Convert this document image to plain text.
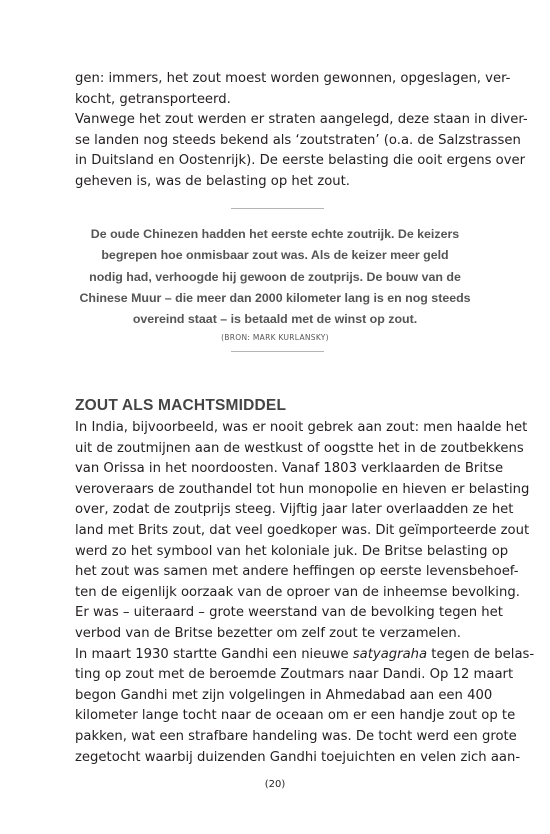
gen: immers, het zout moest worden gewonnen, opgeslagen, ver-
kocht, getransporteerd.
Vanwege het zout werden er straten aangelegd, deze staan in diver-
se landen nog steeds bekend als ‘zoutstraten’ (o.a. de Salzstrassen
in Duitsland en Oostenrijk). De eerste belasting die ooit ergens over
geheven is, was de belasting op het zout.
De oude Chinezen hadden het eerste echte zoutrijk. De keizers
begrepen hoe onmisbaar zout was. Als de keizer meer geld
nodig had, verhoogde hij gewoon de zoutprijs. De bouw van de
Chinese Muur – die meer dan 2000 kilometer lang is en nog steeds
overeind staat – is betaald met de winst op zout.
(BRON: MARK KURLANSKY)
ZOUT ALS MACHTSMIDDEL
In India, bijvoorbeeld, was er nooit gebrek aan zout: men haalde het
uit de zoutmijnen aan de westkust of oogstte het in de zoutbekkens
van Orissa in het noordoosten. Vanaf 1803 verklaarden de Britse
veroveraars de zouthandel tot hun monopolie en hieven er belasting
over, zodat de zoutprijs steeg. Vijftig jaar later overlaadden ze het
land met Brits zout, dat veel goedkoper was. Dit geïmporteerde zout
werd zo het symbool van het koloniale juk. De Britse belasting op
het zout was samen met andere heffingen op eerste levensbehoef-
ten de eigenlijk oorzaak van de oproer van de inheemse bevolking.
Er was – uiteraard – grote weerstand van de bevolking tegen het
verbod van de Britse bezetter om zelf zout te verzamelen.
In maart 1930 startte Gandhi een nieuwe satyagraha tegen de belas-
ting op zout met de beroemde Zoutmars naar Dandi. Op 12 maart
begon Gandhi met zijn volgelingen in Ahmedabad aan een 400
kilometer lange tocht naar de oceaan om er een handje zout op te
pakken, wat een strafbare handeling was. De tocht werd een grote
zegetocht waarbij duizenden Gandhi toejuichten en velen zich aan-
(20)
